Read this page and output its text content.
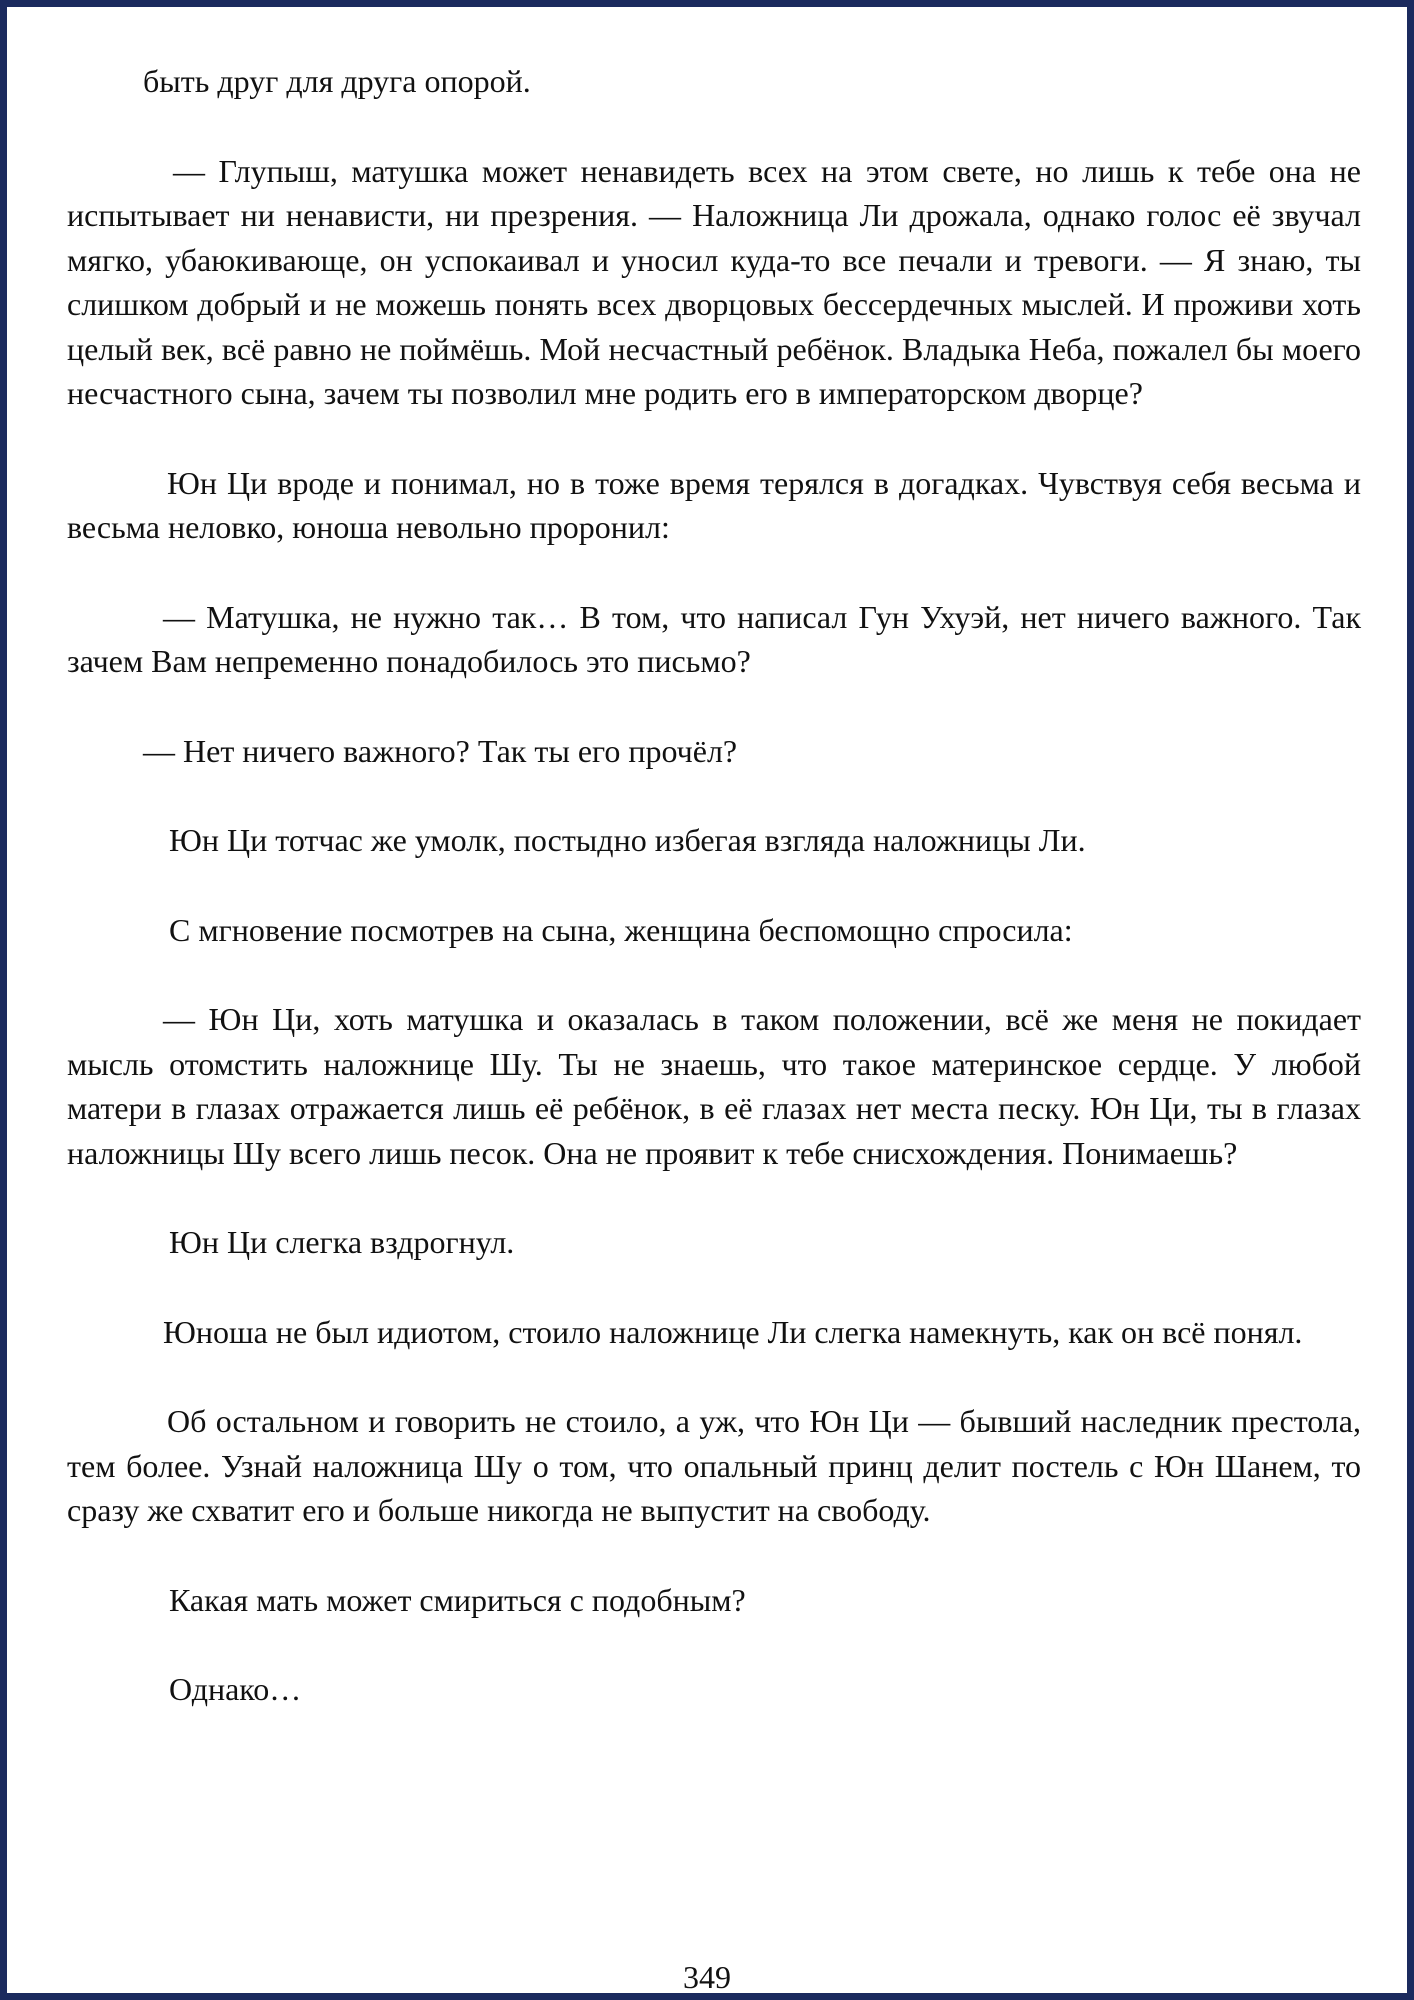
быть друг для друга опорой.

— Глупыш, матушка может ненавидеть всех на этом свете, но лишь к тебе она не испытывает ни ненависти, ни презрения. — Наложница Ли дрожала, однако голос её звучал мягко, убаюкивающе, он успокаивал и уносил куда-то все печали и тревоги. — Я знаю, ты слишком добрый и не можешь понять всех дворцовых бессердечных мыслей. И проживи хоть целый век, всё равно не поймёшь. Мой несчастный ребёнок. Владыка Неба, пожалел бы моего несчастного сына, зачем ты позволил мне родить его в императорском дворце?

Юн Ци вроде и понимал, но в тоже время терялся в догадках. Чувствуя себя весьма и весьма неловко, юноша невольно проронил:

— Матушка, не нужно так… В том, что написал Гун Ухуэй, нет ничего важного. Так зачем Вам непременно понадобилось это письмо?

— Нет ничего важного? Так ты его прочёл?

Юн Ци тотчас же умолк, постыдно избегая взгляда наложницы Ли.

С мгновение посмотрев на сына, женщина беспомощно спросила:

— Юн Ци, хоть матушка и оказалась в таком положении, всё же меня не покидает мысль отомстить наложнице Шу. Ты не знаешь, что такое материнское сердце. У любой матери в глазах отражается лишь её ребёнок, в её глазах нет места песку. Юн Ци, ты в глазах наложницы Шу всего лишь песок. Она не проявит к тебе снисхождения. Понимаешь?

Юн Ци слегка вздрогнул.

Юноша не был идиотом, стоило наложнице Ли слегка намекнуть, как он всё понял.

Об остальном и говорить не стоило, а уж, что Юн Ци — бывший наследник престола, тем более. Узнай наложница Шу о том, что опальный принц делит постель с Юн Шанем, то сразу же схватит его и больше никогда не выпустит на свободу.

Какая мать может смириться с подобным?

Однако…

349
